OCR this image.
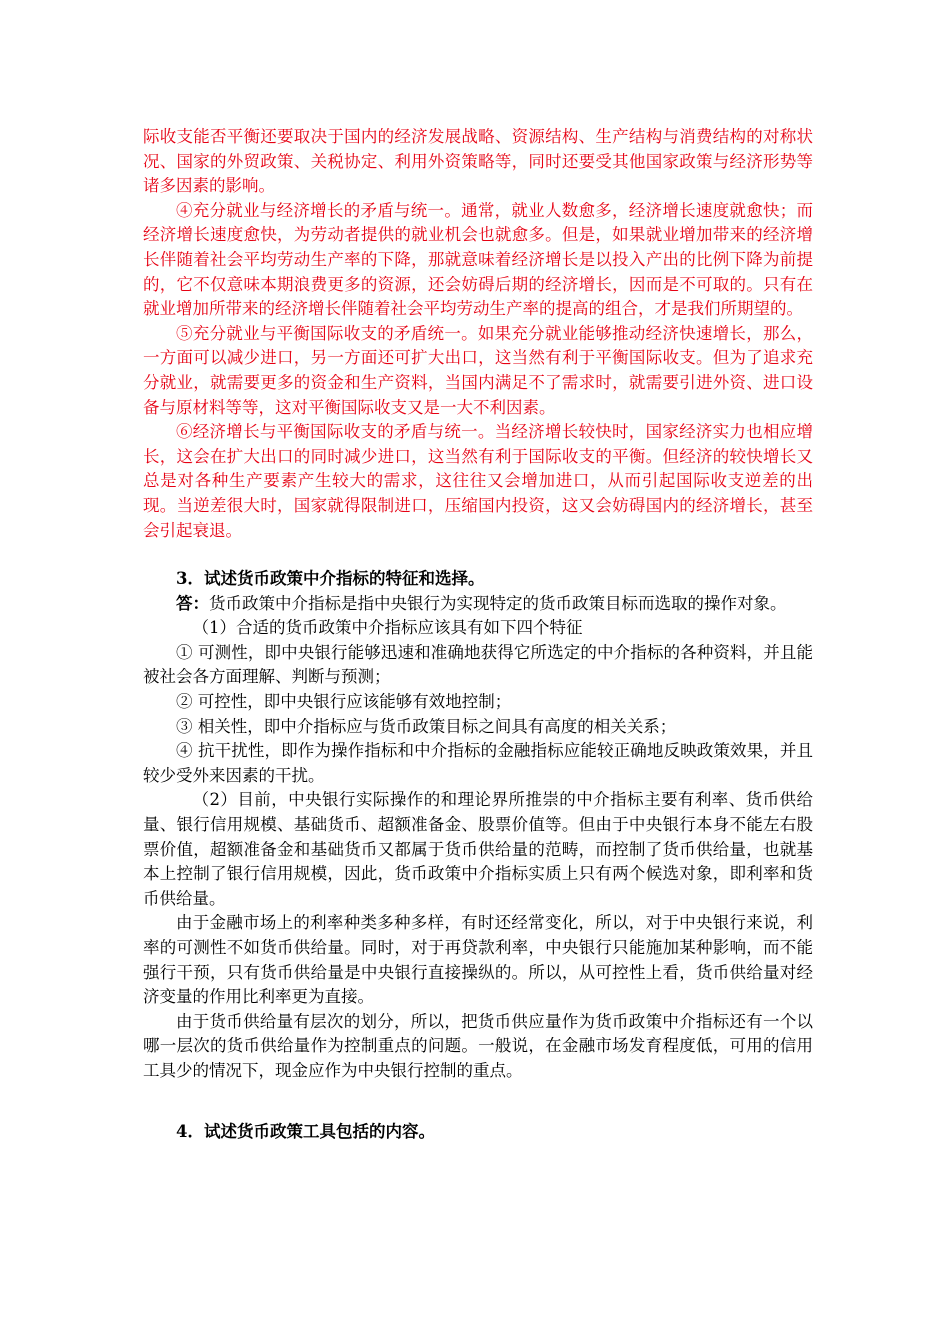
际收支能否平衡还要取决于国内的经济发展战略、资源结构、生产结构与消费结构的对称状况、国家的外贸政策、关税协定、利用外资策略等，同时还要受其他国家政策与经济形势等诸多因素的影响。

④充分就业与经济增长的矛盾与统一。通常，就业人数愈多，经济增长速度就愈快；而经济增长速度愈快，为劳动者提供的就业机会也就愈多。但是，如果就业增加带来的经济增长伴随着社会平均劳动生产率的下降，那就意味着经济增长是以投入产出的比例下降为前提的，它不仅意味本期浪费更多的资源，还会妨碍后期的经济增长，因而是不可取的。只有在就业增加所带来的经济增长伴随着社会平均劳动生产率的提高的组合，才是我们所期望的。

⑤充分就业与平衡国际收支的矛盾统一。如果充分就业能够推动经济快速增长，那么，一方面可以减少进口，另一方面还可扩大出口，这当然有利于平衡国际收支。但为了追求充分就业，就需要更多的资金和生产资料，当国内满足不了需求时，就需要引进外资、进口设备与原材料等等，这对平衡国际收支又是一大不利因素。

⑥经济增长与平衡国际收支的矛盾与统一。当经济增长较快时，国家经济实力也相应增长，这会在扩大出口的同时减少进口，这当然有利于国际收支的平衡。但经济的较快增长又总是对各种生产要素产生较大的需求，这往往又会增加进口，从而引起国际收支逆差的出现。当逆差很大时，国家就得限制进口，压缩国内投资，这又会妨碍国内的经济增长，甚至会引起衰退。

3．试述货币政策中介指标的特征和选择。

答：货币政策中介指标是指中央银行为实现特定的货币政策目标而选取的操作对象。

（1）合适的货币政策中介指标应该具有如下四个特征

① 可测性，即中央银行能够迅速和准确地获得它所选定的中介指标的各种资料，并且能被社会各方面理解、判断与预测；

② 可控性，即中央银行应该能够有效地控制；

③ 相关性，即中介指标应与货币政策目标之间具有高度的相关关系；

④ 抗干扰性，即作为操作指标和中介指标的金融指标应能较正确地反映政策效果，并且较少受外来因素的干扰。

（2）目前，中央银行实际操作的和理论界所推崇的中介指标主要有利率、货币供给量、银行信用规模、基础货币、超额准备金、股票价值等。但由于中央银行本身不能左右股票价值，超额准备金和基础货币又都属于货币供给量的范畴，而控制了货币供给量，也就基本上控制了银行信用规模，因此，货币政策中介指标实质上只有两个候选对象，即利率和货币供给量。

由于金融市场上的利率种类多种多样，有时还经常变化，所以，对于中央银行来说，利率的可测性不如货币供给量。同时，对于再贷款利率，中央银行只能施加某种影响，而不能强行干预，只有货币供给量是中央银行直接操纵的。所以，从可控性上看，货币供给量对经济变量的作用比利率更为直接。

由于货币供给量有层次的划分，所以，把货币供应量作为货币政策中介指标还有一个以哪一层次的货币供给量作为控制重点的问题。一般说，在金融市场发育程度低，可用的信用工具少的情况下，现金应作为中央银行控制的重点。

4．试述货币政策工具包括的内容。
